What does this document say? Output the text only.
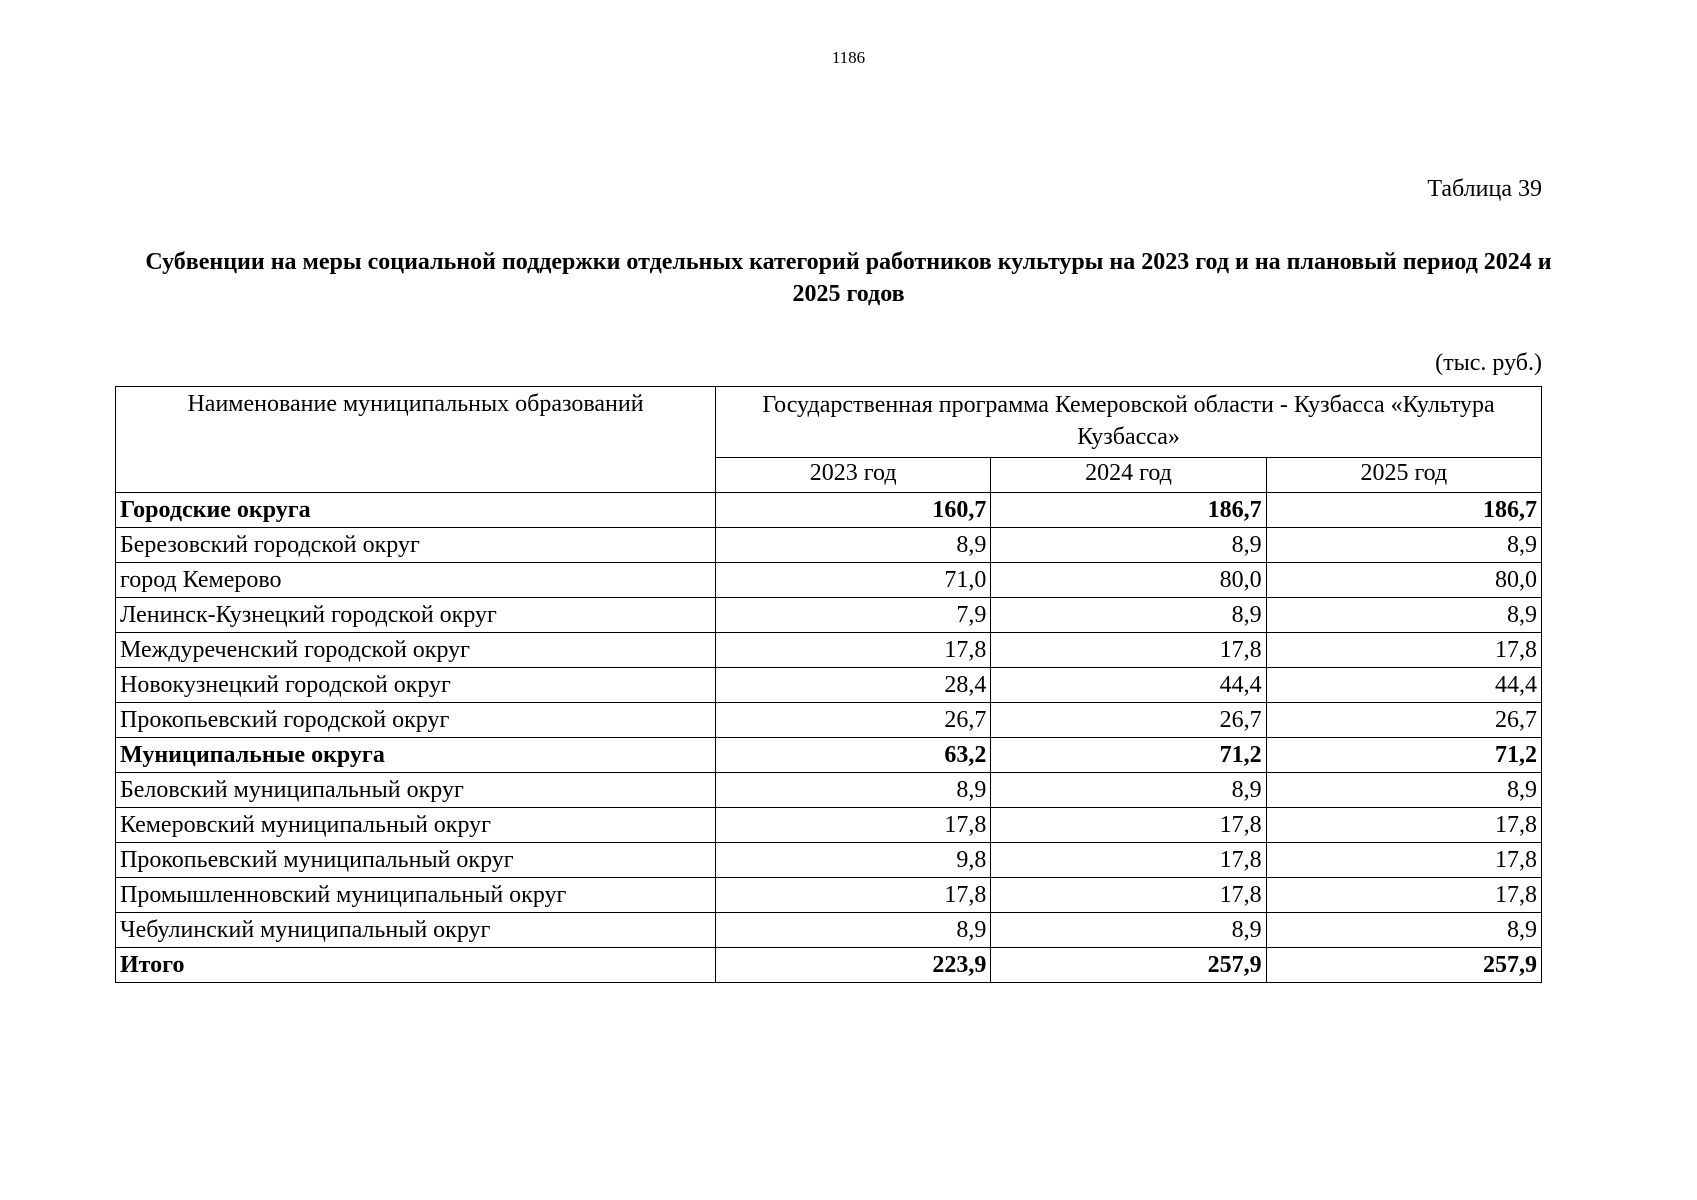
1186
Таблица 39
Субвенции на меры социальной поддержки отдельных категорий работников культуры на 2023 год и на плановый период 2024 и 2025 годов
(тыс. руб.)
Наименование муниципальных образований	Государственная программа Кемеровской области - Кузбасса «Культура Кузбасса»		
	2023 год	2024 год	2025 год
Городские округа	160,7	186,7	186,7
Березовский городской округ	8,9	8,9	8,9
город Кемерово	71,0	80,0	80,0
Ленинск-Кузнецкий городской округ	7,9	8,9	8,9
Междуреченский городской округ	17,8	17,8	17,8
Новокузнецкий городской округ	28,4	44,4	44,4
Прокопьевский городской округ	26,7	26,7	26,7
Муниципальные округа	63,2	71,2	71,2
Беловский муниципальный округ	8,9	8,9	8,9
Кемеровский муниципальный округ	17,8	17,8	17,8
Прокопьевский муниципальный округ	9,8	17,8	17,8
Промышленновский муниципальный округ	17,8	17,8	17,8
Чебулинский муниципальный округ	8,9	8,9	8,9
Итого	223,9	257,9	257,9
